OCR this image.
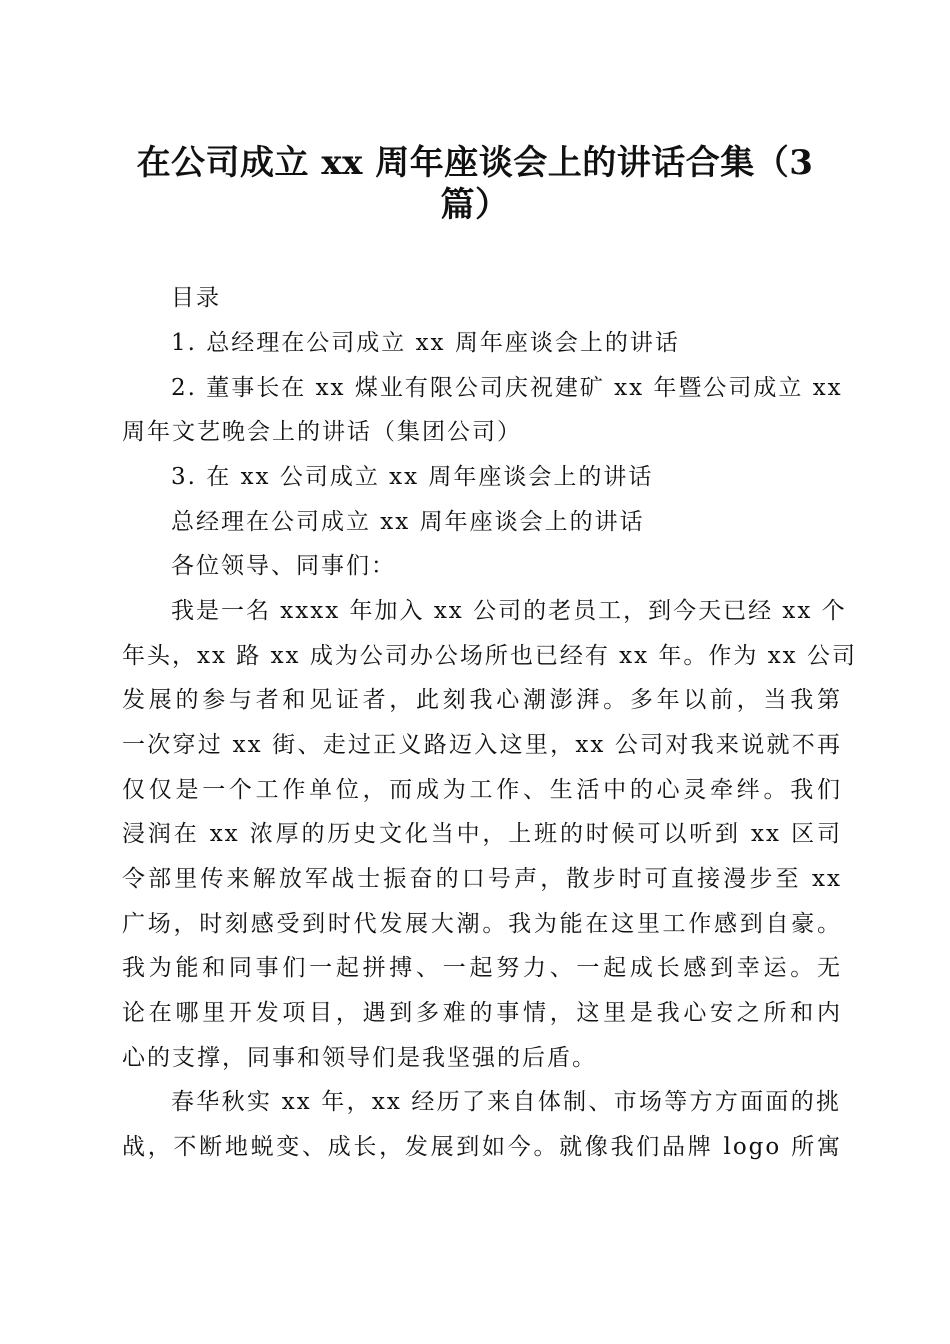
在公司成立 xx 周年座谈会上的讲话合集（3
篇）

目录

1. 总经理在公司成立 xx 周年座谈会上的讲话

2. 董事长在 xx 煤业有限公司庆祝建矿 xx 年暨公司成立 xx

周年文艺晚会上的讲话（集团公司）

3. 在 xx 公司成立 xx 周年座谈会上的讲话

总经理在公司成立 xx 周年座谈会上的讲话

各位领导、同事们：

我是一名 xxxx 年加入 xx 公司的老员工，到今天已经 xx 个

年头，xx 路 xx 成为公司办公场所也已经有 xx 年。作为 xx 公司

发展的参与者和见证者，此刻我心潮澎湃。多年以前，当我第

一次穿过 xx 街、走过正义路迈入这里，xx 公司对我来说就不再

仅仅是一个工作单位，而成为工作、生活中的心灵牵绊。我们

浸润在 xx 浓厚的历史文化当中，上班的时候可以听到 xx 区司

令部里传来解放军战士振奋的口号声，散步时可直接漫步至 xx

广场，时刻感受到时代发展大潮。我为能在这里工作感到自豪。

我为能和同事们一起拼搏、一起努力、一起成长感到幸运。无

论在哪里开发项目，遇到多难的事情，这里是我心安之所和内

心的支撑，同事和领导们是我坚强的后盾。

春华秋实 xx 年，xx 经历了来自体制、市场等方方面面的挑

战，不断地蜕变、成长，发展到如今。就像我们品牌 logo 所寓
